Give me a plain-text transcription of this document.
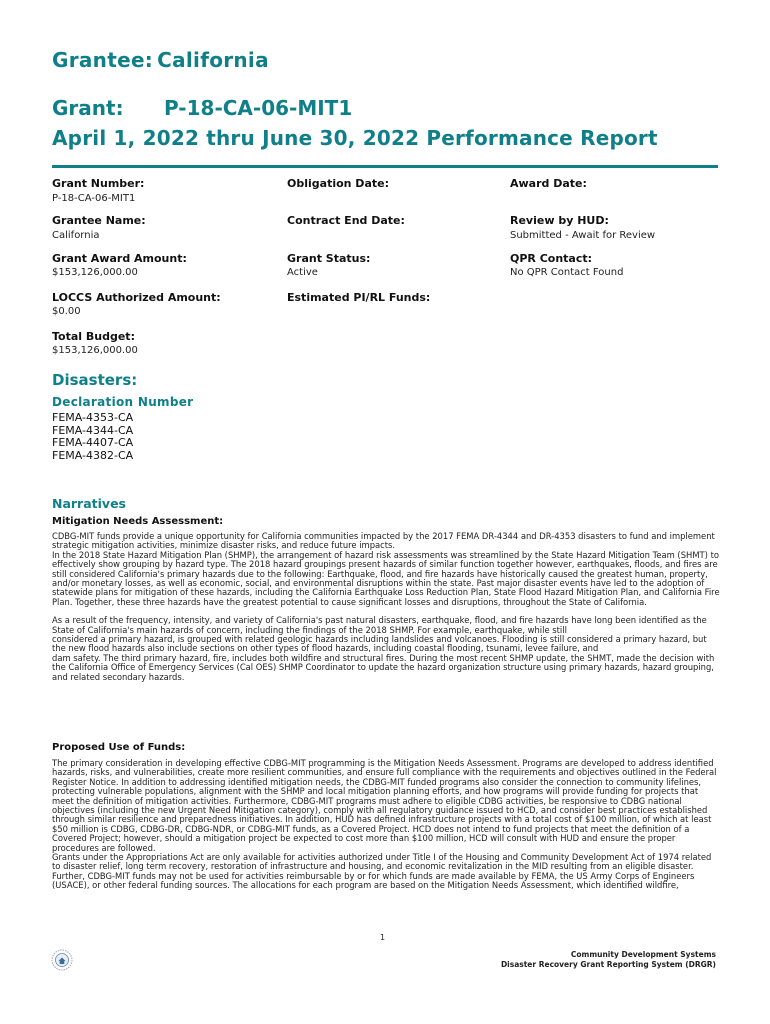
Grantee: California
Grant: P-18-CA-06-MIT1
April 1, 2022 thru June 30, 2022 Performance Report
Grant Number:
P-18-CA-06-MIT1
Obligation Date:	Award Date:
Grantee Name:
California
Contract End Date:	Review by HUD:
Submitted - Await for Review
Grant Award Amount:
$153,126,000.00
Grant Status:
Active
QPR Contact:
No QPR Contact Found
LOCCS Authorized Amount:
$0.00
Estimated PI/RL Funds:
Total Budget:
$153,126,000.00
Disasters:
Declaration Number
FEMA-4353-CA
FEMA-4344-CA
FEMA-4407-CA
FEMA-4382-CA
Narratives
Mitigation Needs Assessment:

CDBG-MIT funds provide a unique opportunity for California communities impacted by the 2017 FEMA DR-4344 and DR-4353 disasters to fund and implement strategic mitigation activities, minimize disaster risks, and reduce future impacts.

In the 2018 State Hazard Mitigation Plan (SHMP), the arrangement of hazard risk assessments was streamlined by the State Hazard Mitigation Team (SHMT) to effectively show grouping by hazard type. The 2018 hazard groupings present hazards of similar function together however, earthquakes, floods, and fires are still considered California's primary hazards due to the following: Earthquake, flood, and fire hazards have historically caused the greatest human, property, and/or monetary losses, as well as economic, social, and environmental disruptions within the state. Past major disaster events have led to the adoption of statewide plans for mitigation of these hazards, including the California Earthquake Loss Reduction Plan, State Flood Hazard Mitigation Plan, and California Fire Plan. Together, these three hazards have the greatest potential to cause significant losses and disruptions, throughout the State of California.

As a result of the frequency, intensity, and variety of California's past natural disasters, earthquake, flood, and fire hazards have long been identified as the State of California's main hazards of concern, including the findings of the 2018 SHMP. For example, earthquake, while still

considered a primary hazard, is grouped with related geologic hazards including landslides and volcanoes. Flooding is still considered a primary hazard, but the new flood hazards also include sections on other types of flood hazards, including coastal flooding, tsunami, levee failure, and

dam safety. The third primary hazard, fire, includes both wildfire and structural fires. During the most recent SHMP update, the SHMT, made the decision with the California Office of Emergency Services (Cal OES) SHMP Coordinator to update the hazard organization structure using primary hazards, hazard grouping, and related secondary hazards.

Proposed Use of Funds:

The primary consideration in developing effective CDBG-MIT programming is the Mitigation Needs Assessment. Programs are developed to address identified hazards, risks, and vulnerabilities, create more resilient communities, and ensure full compliance with the requirements and objectives outlined in the Federal Register Notice. In addition to addressing identified mitigation needs, the CDBG-MIT funded programs also consider the connection to community lifelines, protecting vulnerable populations, alignment with the SHMP and local mitigation planning efforts, and how programs will provide funding for projects that meet the definition of mitigation activities. Furthermore, CDBG-MIT programs must adhere to eligible CDBG activities, be responsive to CDBG national objectives (including the new Urgent Need Mitigation category), comply with all regulatory guidance issued to HCD, and consider best practices established through similar resilience and preparedness initiatives. In addition, HUD has defined infrastructure projects with a total cost of $100 million, of which at least $50 million is CDBG, CDBG-DR, CDBG-NDR, or CDBG-MIT funds, as a Covered Project. HCD does not intend to fund projects that meet the definition of a Covered Project; however, should a mitigation project be expected to cost more than $100 million, HCD will consult with HUD and ensure the proper procedures are followed.

Grants under the Appropriations Act are only available for activities authorized under Title I of the Housing and Community Development Act of 1974 related to disaster relief, long term recovery, restoration of infrastructure and housing, and economic revitalization in the MID resulting from an eligible disaster. Further, CDBG-MIT funds may not be used for activities reimbursable by or for which funds are made available by FEMA, the US Army Corps of Engineers (USACE), or other federal funding sources. The allocations for each program are based on the Mitigation Needs Assessment, which identified wildfire,

1
Community Development Systems
Disaster Recovery Grant Reporting System (DRGR)
